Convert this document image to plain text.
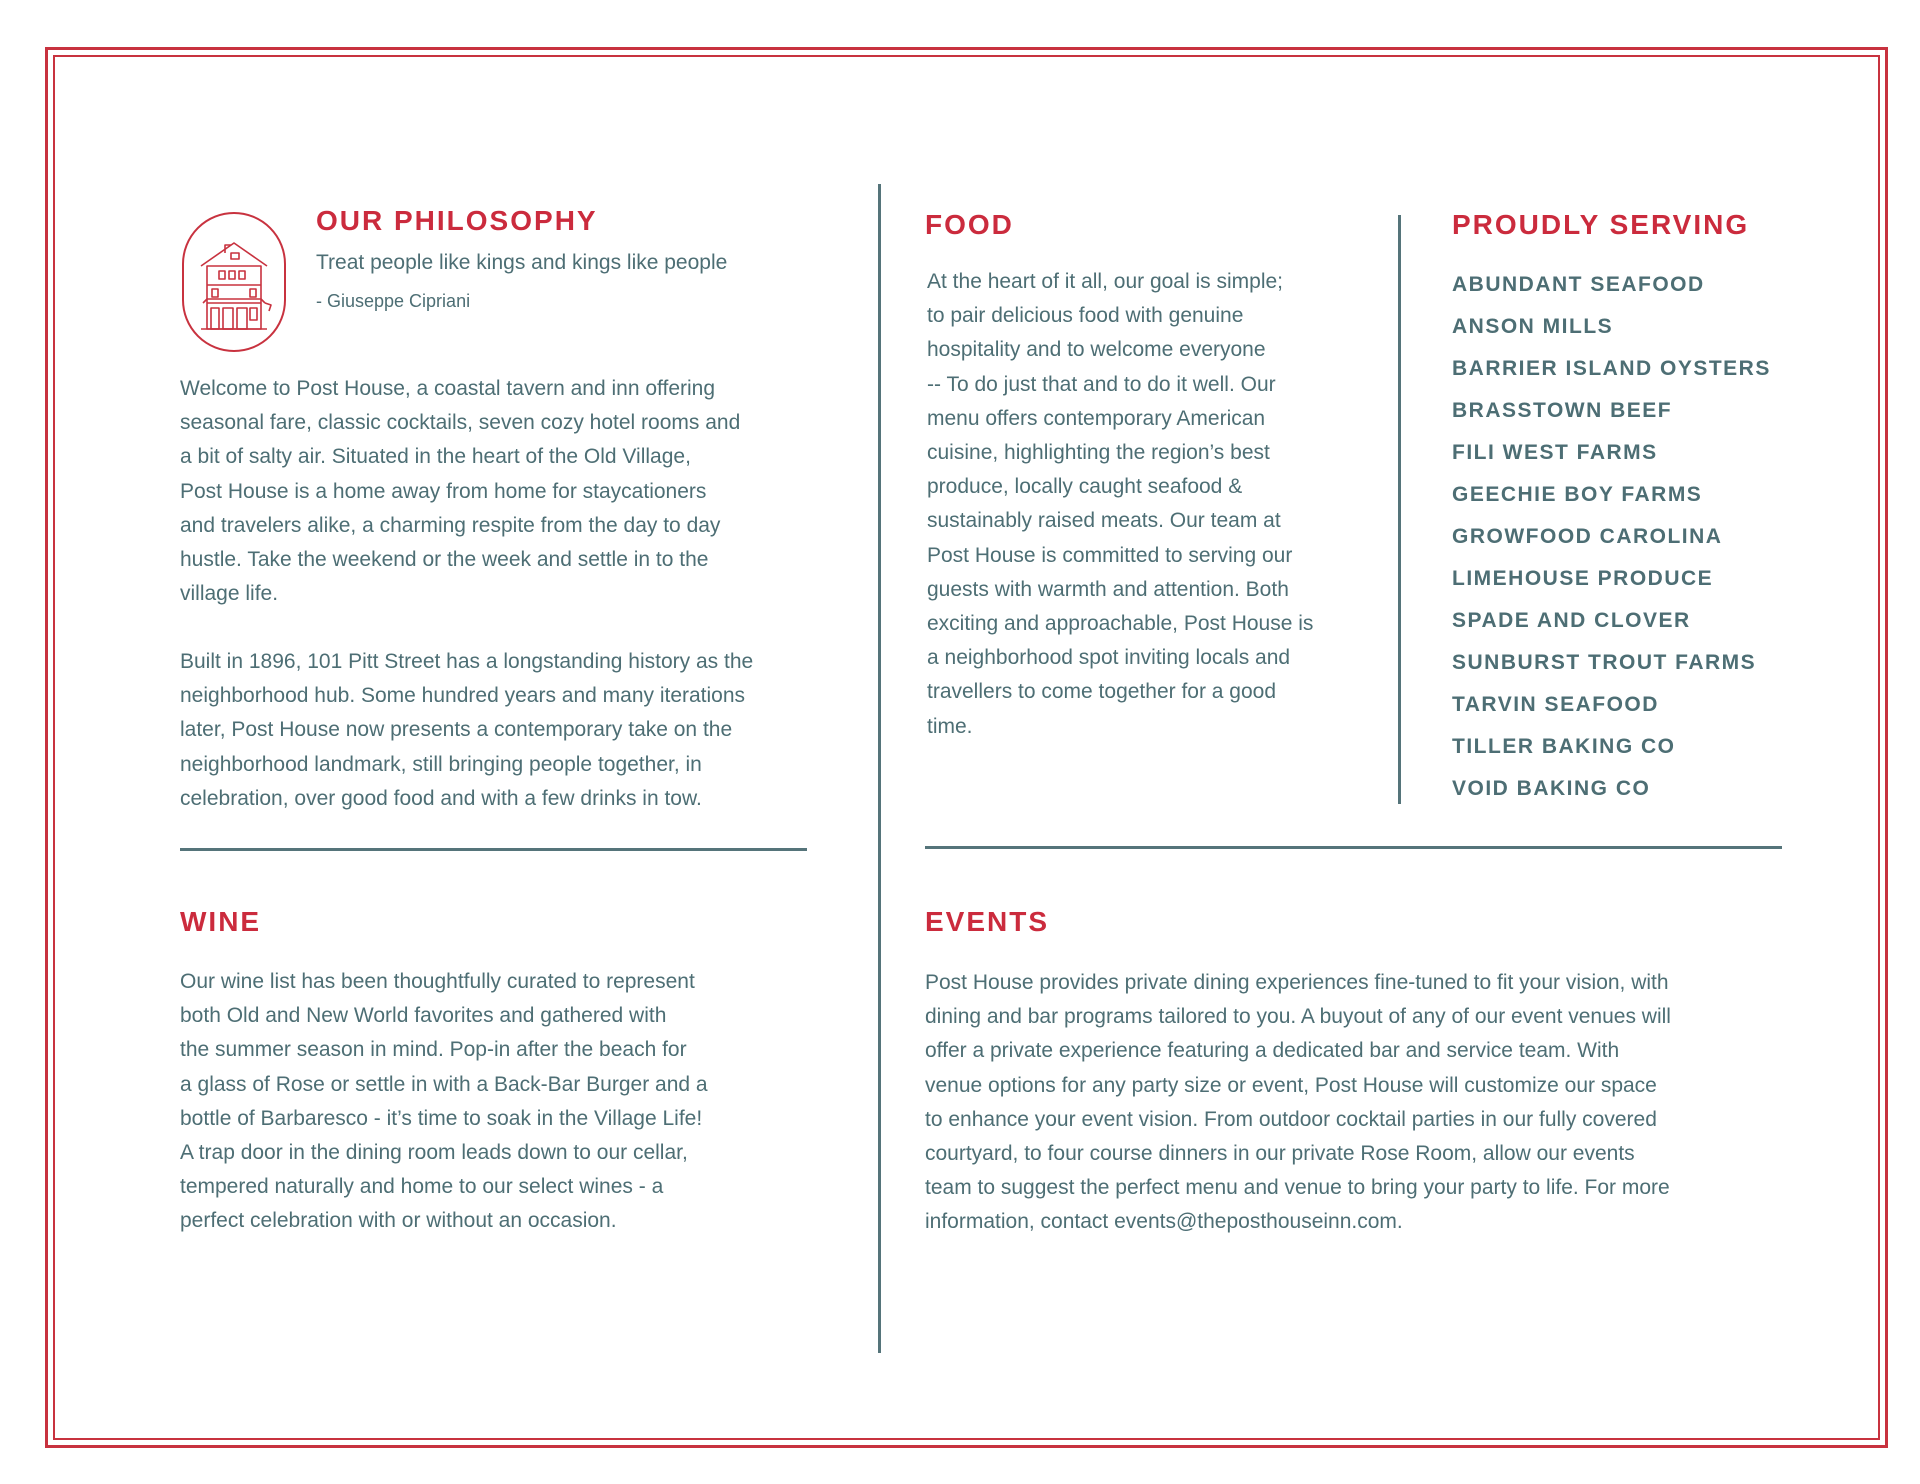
OUR PHILOSOPHY

Treat people like kings and kings like people

- Giuseppe Cipriani

Welcome to Post House, a coastal tavern and inn offering
seasonal fare, classic cocktails, seven cozy hotel rooms and
a bit of salty air. Situated in the heart of the Old Village,
Post House is a home away from home for staycationers
and travelers alike, a charming respite from the day to day
hustle. Take the weekend or the week and settle in to the
village life.

Built in 1896, 101 Pitt Street has a longstanding history as the
neighborhood hub. Some hundred years and many iterations
later, Post House now presents a contemporary take on the
neighborhood landmark, still bringing people together, in
celebration, over good food and with a few drinks in tow.

WINE

Our wine list has been thoughtfully curated to represent
both Old and New World favorites and gathered with
the summer season in mind. Pop-in after the beach for
a glass of Rose or settle in with a Back-Bar Burger and a
bottle of Barbaresco - it’s time to soak in the Village Life!
A trap door in the dining room leads down to our cellar,
tempered naturally and home to our select wines - a
perfect celebration with or without an occasion.

FOOD

At the heart of it all, our goal is simple;
to pair delicious food with genuine
hospitality and to welcome everyone
-- To do just that and to do it well. Our
menu offers contemporary American
cuisine, highlighting the region’s best
produce, locally caught seafood &
sustainably raised meats. Our team at
Post House is committed to serving our
guests with warmth and attention. Both
exciting and approachable, Post House is
a neighborhood spot inviting locals and
travellers to come together for a good
time.

PROUDLY SERVING
ABUNDANT SEAFOOD
ANSON MILLS
BARRIER ISLAND OYSTERS
BRASSTOWN BEEF
FILI WEST FARMS
GEECHIE BOY FARMS
GROWFOOD CAROLINA
LIMEHOUSE PRODUCE
SPADE AND CLOVER
SUNBURST TROUT FARMS
TARVIN SEAFOOD
TILLER BAKING CO
VOID BAKING CO
EVENTS

Post House provides private dining experiences fine-tuned to fit your vision, with
dining and bar programs tailored to you. A buyout of any of our event venues will
offer a private experience featuring a dedicated bar and service team. With
venue options for any party size or event, Post House will customize our space
to enhance your event vision. From outdoor cocktail parties in our fully covered
courtyard, to four course dinners in our private Rose Room, allow our events
team to suggest the perfect menu and venue to bring your party to life. For more
information, contact events@theposthouseinn.com.
